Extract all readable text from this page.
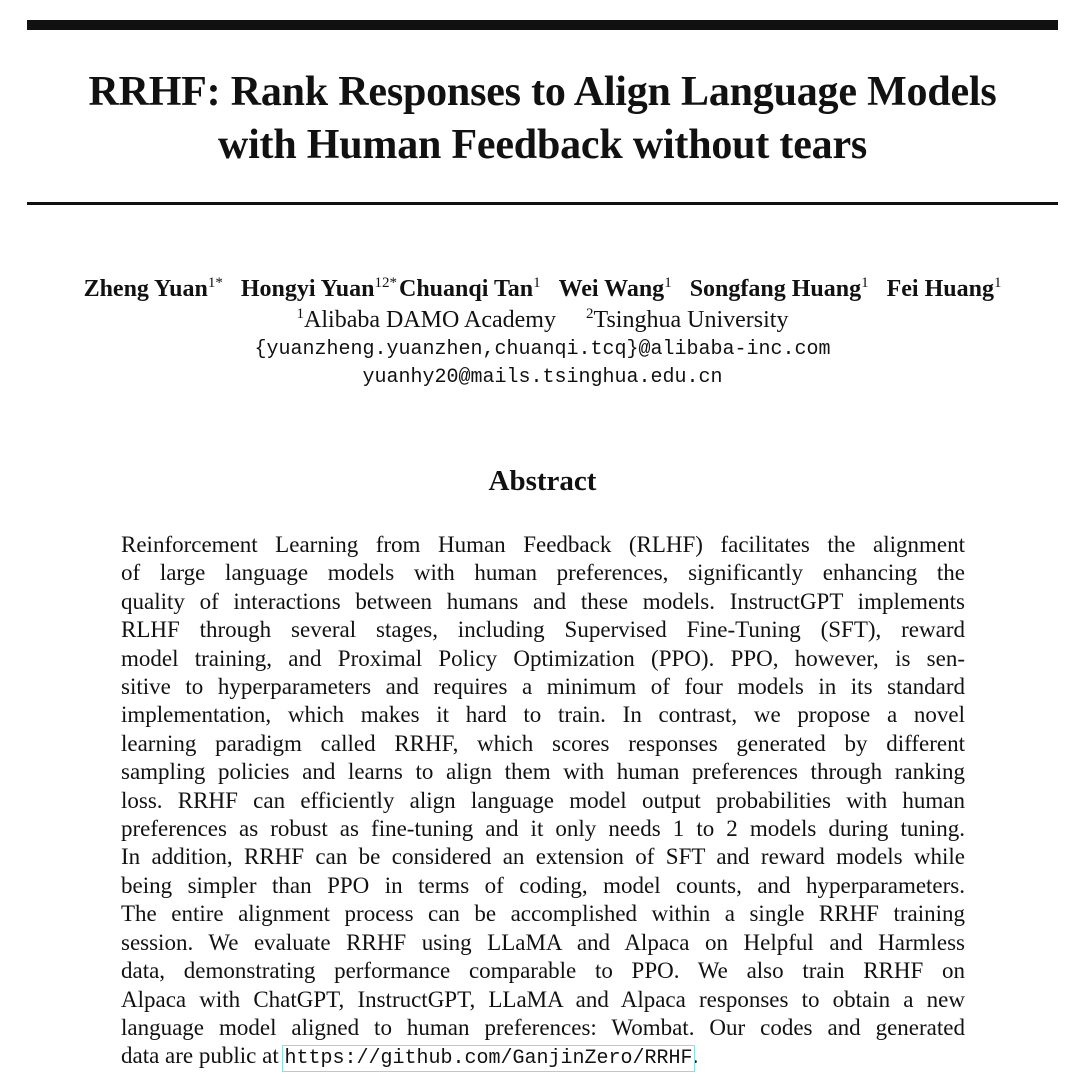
RRHF: Rank Responses to Align Language Models
with Human Feedback without tears
Zheng Yuan$^{1*}$ Hongyi Yuan$^{12*}$Chuanqi Tan$^1$ Wei Wang$^1$ Songfang Huang$^1$ Fei Huang$^1$
$^1$Alibaba DAMO Academy $^2$Tsinghua University
{yuanzheng.yuanzhen,chuanqi.tcq}@alibaba-inc.com
yuanhy20@mails.tsinghua.edu.cn
Abstract
Reinforcement Learning from Human Feedback (RLHF) facilitates the alignment
of large language models with human preferences, significantly enhancing the
quality of interactions between humans and these models. InstructGPT implements
RLHF through several stages, including Supervised Fine-Tuning (SFT), reward
model training, and Proximal Policy Optimization (PPO). PPO, however, is sen-
sitive to hyperparameters and requires a minimum of four models in its standard
implementation, which makes it hard to train. In contrast, we propose a novel
learning paradigm called RRHF, which scores responses generated by different
sampling policies and learns to align them with human preferences through ranking
loss. RRHF can efficiently align language model output probabilities with human
preferences as robust as fine-tuning and it only needs 1 to 2 models during tuning.
In addition, RRHF can be considered an extension of SFT and reward models while
being simpler than PPO in terms of coding, model counts, and hyperparameters.
The entire alignment process can be accomplished within a single RRHF training
session. We evaluate RRHF using LLaMA and Alpaca on Helpful and Harmless
data, demonstrating performance comparable to PPO. We also train RRHF on
Alpaca with ChatGPT, InstructGPT, LLaMA and Alpaca responses to obtain a new
language model aligned to human preferences: Wombat. Our codes and generated
data are public at https://github.com/GanjinZero/RRHF.
